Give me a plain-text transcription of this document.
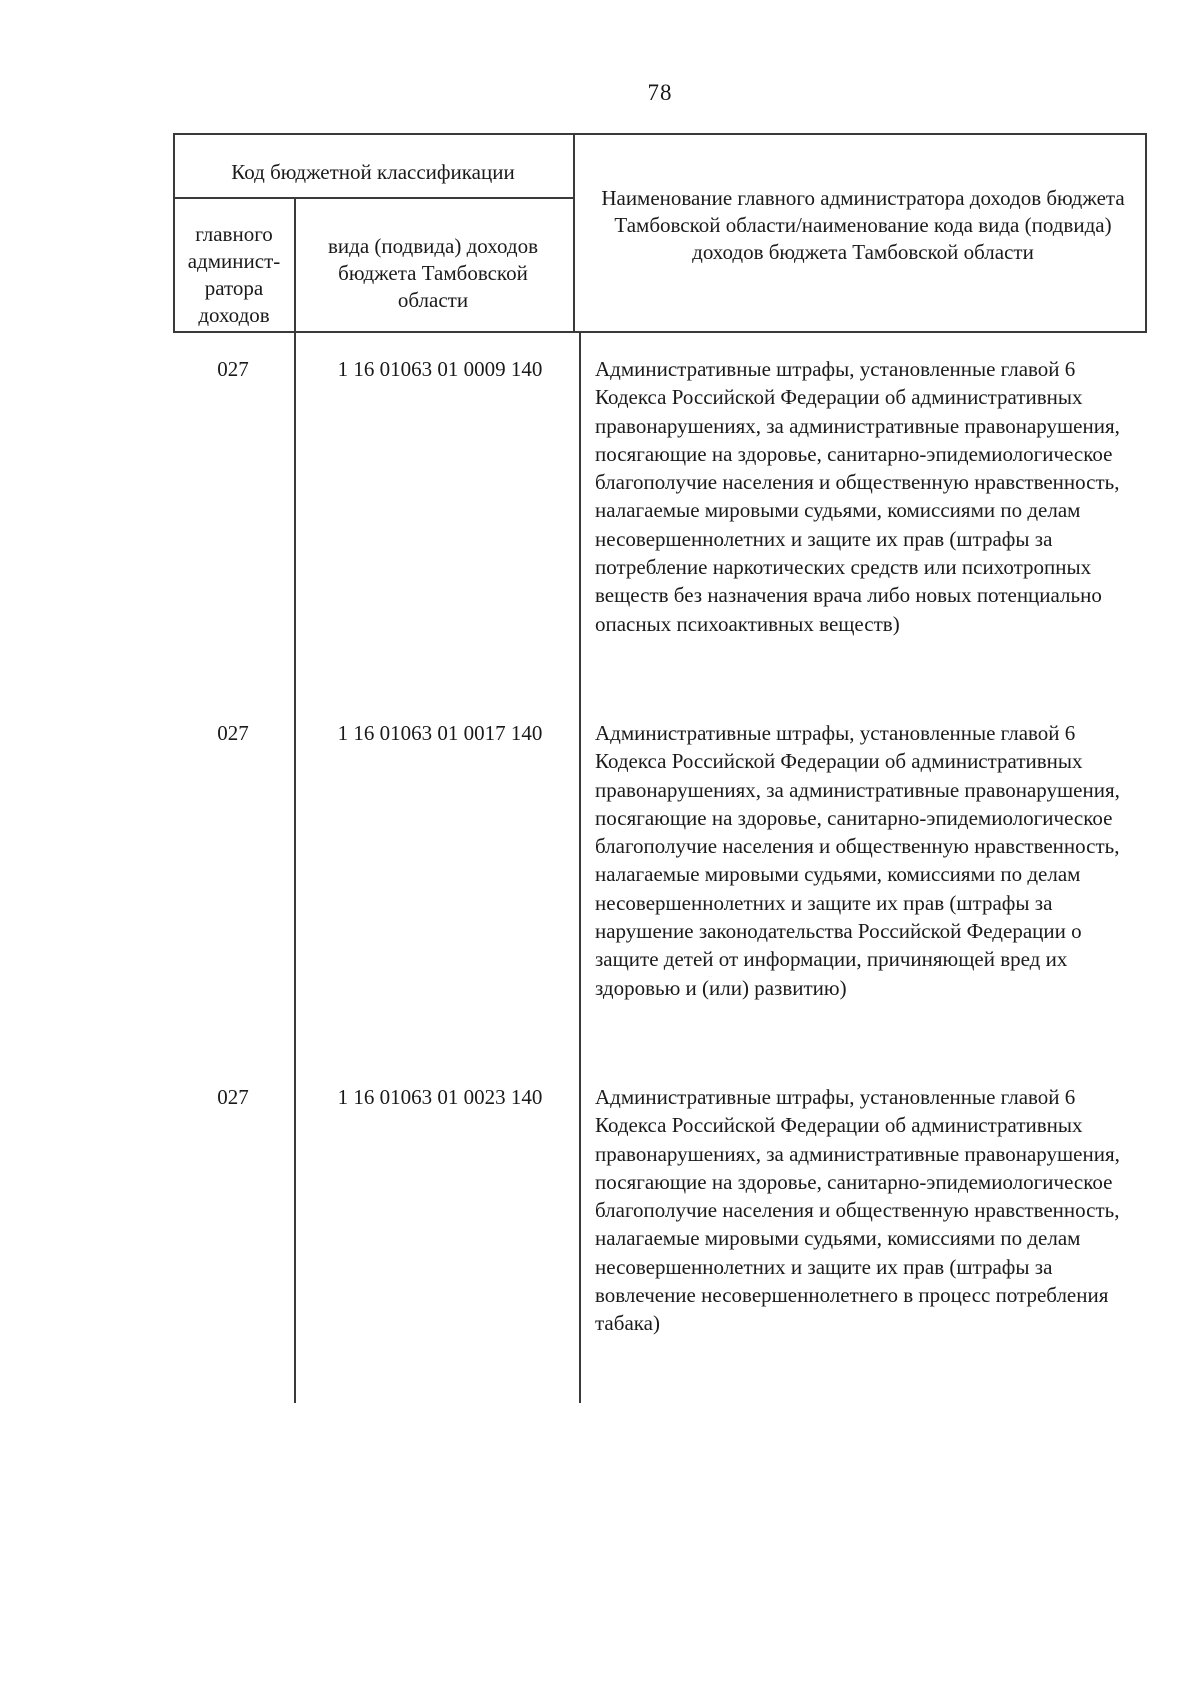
78
Код бюджетной классификации
главного админист-ратора доходов
вида (подвида) доходов бюджета Тамбовской области
Наименование главного администратора доходов бюджета Тамбовской области/наименование кода вида (подвида) доходов бюджета Тамбовской области
027	1 16 01063 01 0009 140	Административные штрафы, установленные главой 6 Кодекса Российской Федерации об административных правонарушениях, за административные правонарушения, посягающие на здоровье, санитарно-эпидемиологическое благополучие населения и общественную нравственность, налагаемые мировыми судьями, комиссиями по делам несовершеннолетних и защите их прав (штрафы за потребление наркотических средств или психотропных веществ без назначения врача либо новых потенциально опасных психоактивных веществ)
027	1 16 01063 01 0017 140	Административные штрафы, установленные главой 6 Кодекса Российской Федерации об административных правонарушениях, за административные правонарушения, посягающие на здоровье, санитарно-эпидемиологическое благополучие населения и общественную нравственность, налагаемые мировыми судьями, комиссиями по делам несовершеннолетних и защите их прав (штрафы за нарушение законодательства Российской Федерации о защите детей от информации, причиняющей вред их здоровью и (или) развитию)
027	1 16 01063 01 0023 140	Административные штрафы, установленные главой 6 Кодекса Российской Федерации об административных правонарушениях, за административные правонарушения, посягающие на здоровье, санитарно-эпидемиологическое благополучие населения и общественную нравственность, налагаемые мировыми судьями, комиссиями по делам несовершеннолетних и защите их прав (штрафы за вовлечение несовершеннолетнего в процесс потребления табака)
